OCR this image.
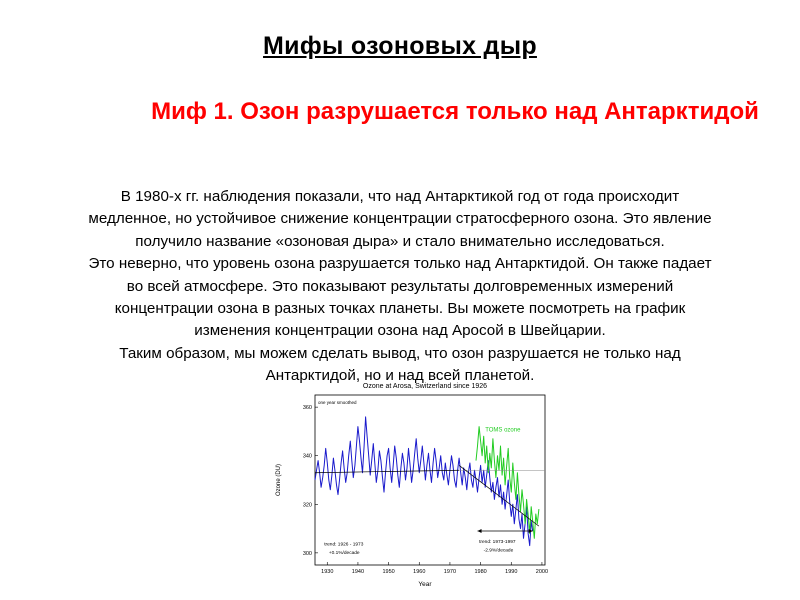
Мифы озоновых дыр
Миф 1. Озон разрушается только над Антарктидой
В 1980-х гг. наблюдения показали, что над Антарктикой год от года происходит
медленное, но устойчивое снижение концентрации стратосферного озона. Это явление
получило название «озоновая дыра» и стало внимательно исследоваться.
Это неверно, что уровень озона разрушается только над Антарктидой. Он также падает
во всей атмосфере. Это показывают результаты долговременных измерений
концентрации озона в разных точках планеты. Вы можете посмотреть на график
изменения концентрации озона над Аросой в Швейцарии.
Таким образом, мы можем сделать вывод, что озон разрушается не только над
Антарктидой, но и над всей планетой.
Ozone at Arosa, Switzerland since 1926
one year smoothed
Ozone (DU)
Year
1930	1940	1950	1960	1970	1980	1990	2000
300
320
340
360
TOMS ozone
trend: 1926 - 1973
+0.1%/decade
trend: 1973-1997
-2.9%/decade
